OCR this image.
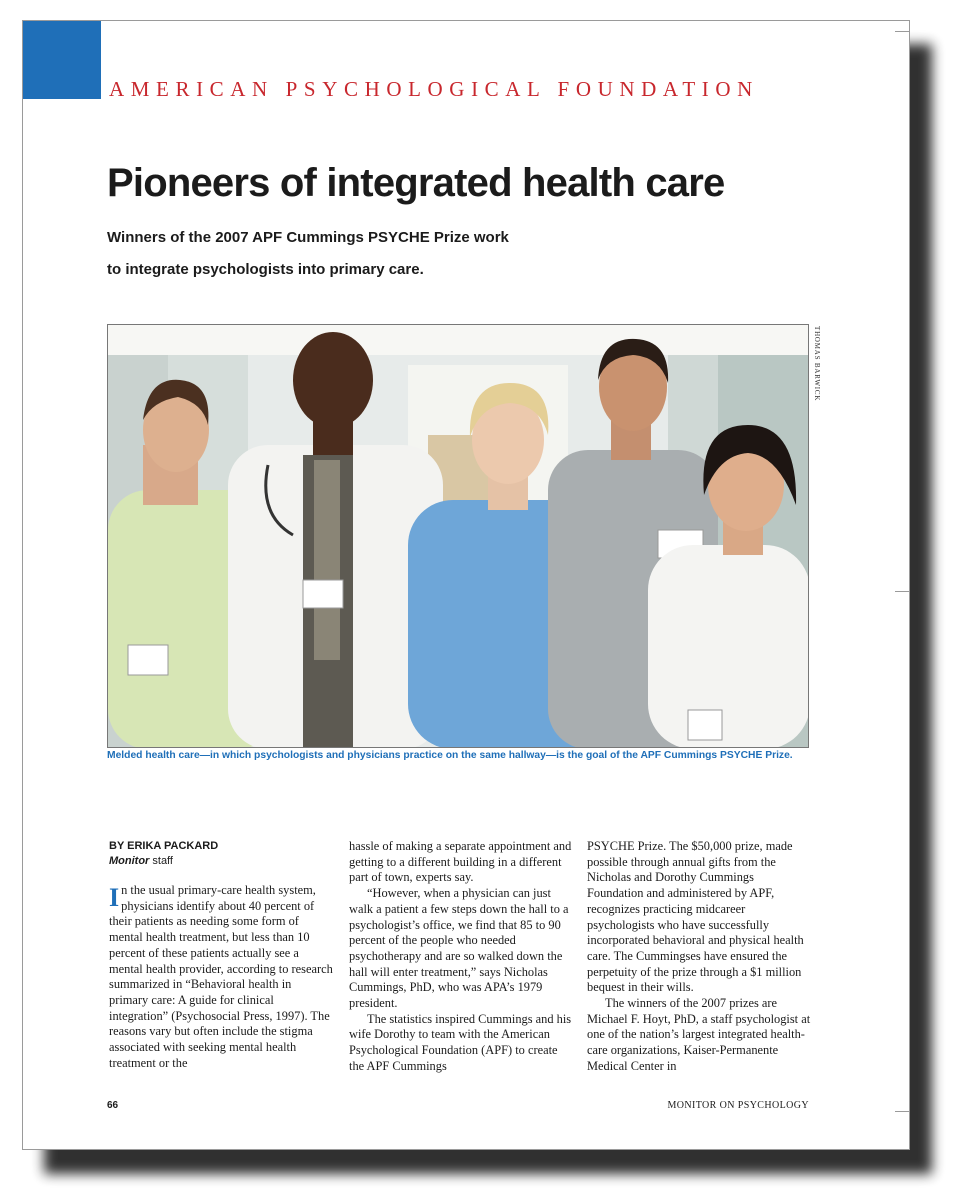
AMERICAN PSYCHOLOGICAL FOUNDATION
Pioneers of integrated health care
Winners of the 2007 APF Cummings PSYCHE Prize work
to integrate psychologists into primary care.
THOMAS BARWICK
Melded health care—in which psychologists and physicians practice on the same hallway—is the goal of the APF Cummings PSYCHE Prize.

BY ERIKA PACKARD

Monitor staff

In the usual primary-care health system, physicians identify about 40 percent of their patients as needing some form of mental health treatment, but less than 10 percent of these patients actually see a mental health provider, according to research summarized in “Behavioral health in primary care: A guide for clinical integration” (Psychosocial Press, 1997). The reasons vary but often include the stigma associated with seeking mental health treatment or the

hassle of making a separate appointment and getting to a different building in a different part of town, experts say.

“However, when a physician can just walk a patient a few steps down the hall to a psychologist’s office, we find that 85 to 90 percent of the people who needed psychotherapy and are so walked down the hall will enter treatment,” says Nicholas Cummings, PhD, who was APA’s 1979 president.

The statistics inspired Cummings and his wife Dorothy to team with the American Psychological Foundation (APF) to create the APF Cummings

PSYCHE Prize. The $50,000 prize, made possible through annual gifts from the Nicholas and Dorothy Cummings Foundation and administered by APF, recognizes practicing midcareer psychologists who have successfully incorporated behavioral and physical health care. The Cummingses have ensured the perpetuity of the prize through a $1 million bequest in their wills.

The winners of the 2007 prizes are Michael F. Hoyt, PhD, a staff psychologist at one of the nation’s largest integrated health-care organizations, Kaiser-Permanente Medical Center in

66	MONITOR ON PSYCHOLOGY
